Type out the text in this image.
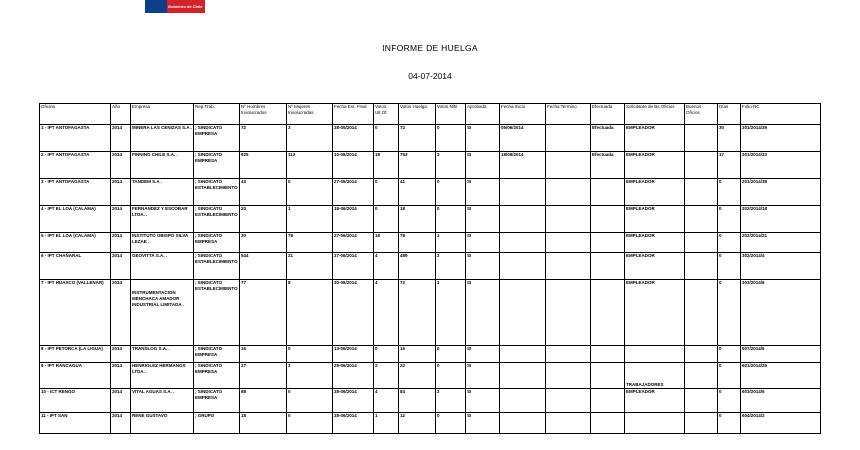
Gobierno de Chile
INFORME DE HUELGA
04-07-2014
Oficina	Año	Empresa	Rep.Trab.	Nº Hombres Involucrados	Nº Mujeres Involucradas	Fecha Ext. Final	Votos Ult.Of.	Votos Huelga	Votos N/B	Aprobada	Fecha Inicio	Fecha Termino	Efectuada	Solicitante de Bs.Oficios	Buenos Oficios	Días	Folio NC
1 - IPT ANTOFAGASTA	2014	MINERA LAS CENIZAS S.A .	; SINDICATO EMPRESA	72	3	28-05/2014	0	72	0	SI	05/06/2014		Efectuada	EMPLEADOR		30	201/2014/39
2 - IPT ANTOFAGASTA	2014	FINNING CHILE S.A. .	; SINDICATO EMPRESA	925	113	10-06/2014	18	753	3	SI	18/06/2014		Efectuada	EMPLEADOR		17	201/2014/33
3 - IPT ANTOFAGASTA	2014	TANDEM S.A .	; SINDICATO ESTABLECIMIENTO	43	0	27-06/2014	0	41	0	SI				EMPLEADOR		0	201/2014/38
4 - IPT EL LOA (CALAMA)	2014	FERNANDEZ Y ESCOBAR LTDA. .	; SINDICATO ESTABLECIMIENTO	20	1	18-06/2014	0	18	0	SI				EMPLEADOR		0	202/2014/18
5 - IPT EL LOA (CALAMA)	2014	INSTITUTO OBISPO SILVA LEZAE .	; SINDICATO EMPRESA	30	78	27-06/2014	18	78	1	SI				EMPLEADOR		0	202/2014/21
6 - IPT CHAÑARAL	2014	GEOVITTA S.A. .	; SINDICATO ESTABLECIMIENTO	544	21	27-06/2014	4	489	2	SI				EMPLEADOR		0	302/2014/4
7 - IPT HUASCO (VALLENAR)	2014	INSTRUMENTACION MENCHACA AMADOR INDUSTRIAL LIMITADA .	; SINDICATO ESTABLECIMIENTO	77	8	30-06/2014	4	72	1	SI				EMPLEADOR		0	303/2014/6
8 - IPT PETORCA (LA LIGUA)	2014	TRANSLOG S.A. .	; SINDICATO EMPRESA	16	0	13-06/2014	0	16	0	SI						0	507/2014/5
9 - IPT RANCAGUA	2014	HENRIOLEZ HERMANOS LTDA. .	; SINDICATO EMPRESA	27	3	25-06/2014	2	22	0	SI				TRABAJADORES		0	601/2014/25
10 - ICT RENGO	2014	VITAL AGUAS S.A. .	; SINDICATO EMPRESA	88	0	28-06/2014	4	84	2	SI				EMPLEADOR		0	603/2014/5
11 - IPT SAN	2014	RENE GUSTAVO	; GRUPO	18	0	28-06/2014	1	12	0	SI						0	604/2014/2
